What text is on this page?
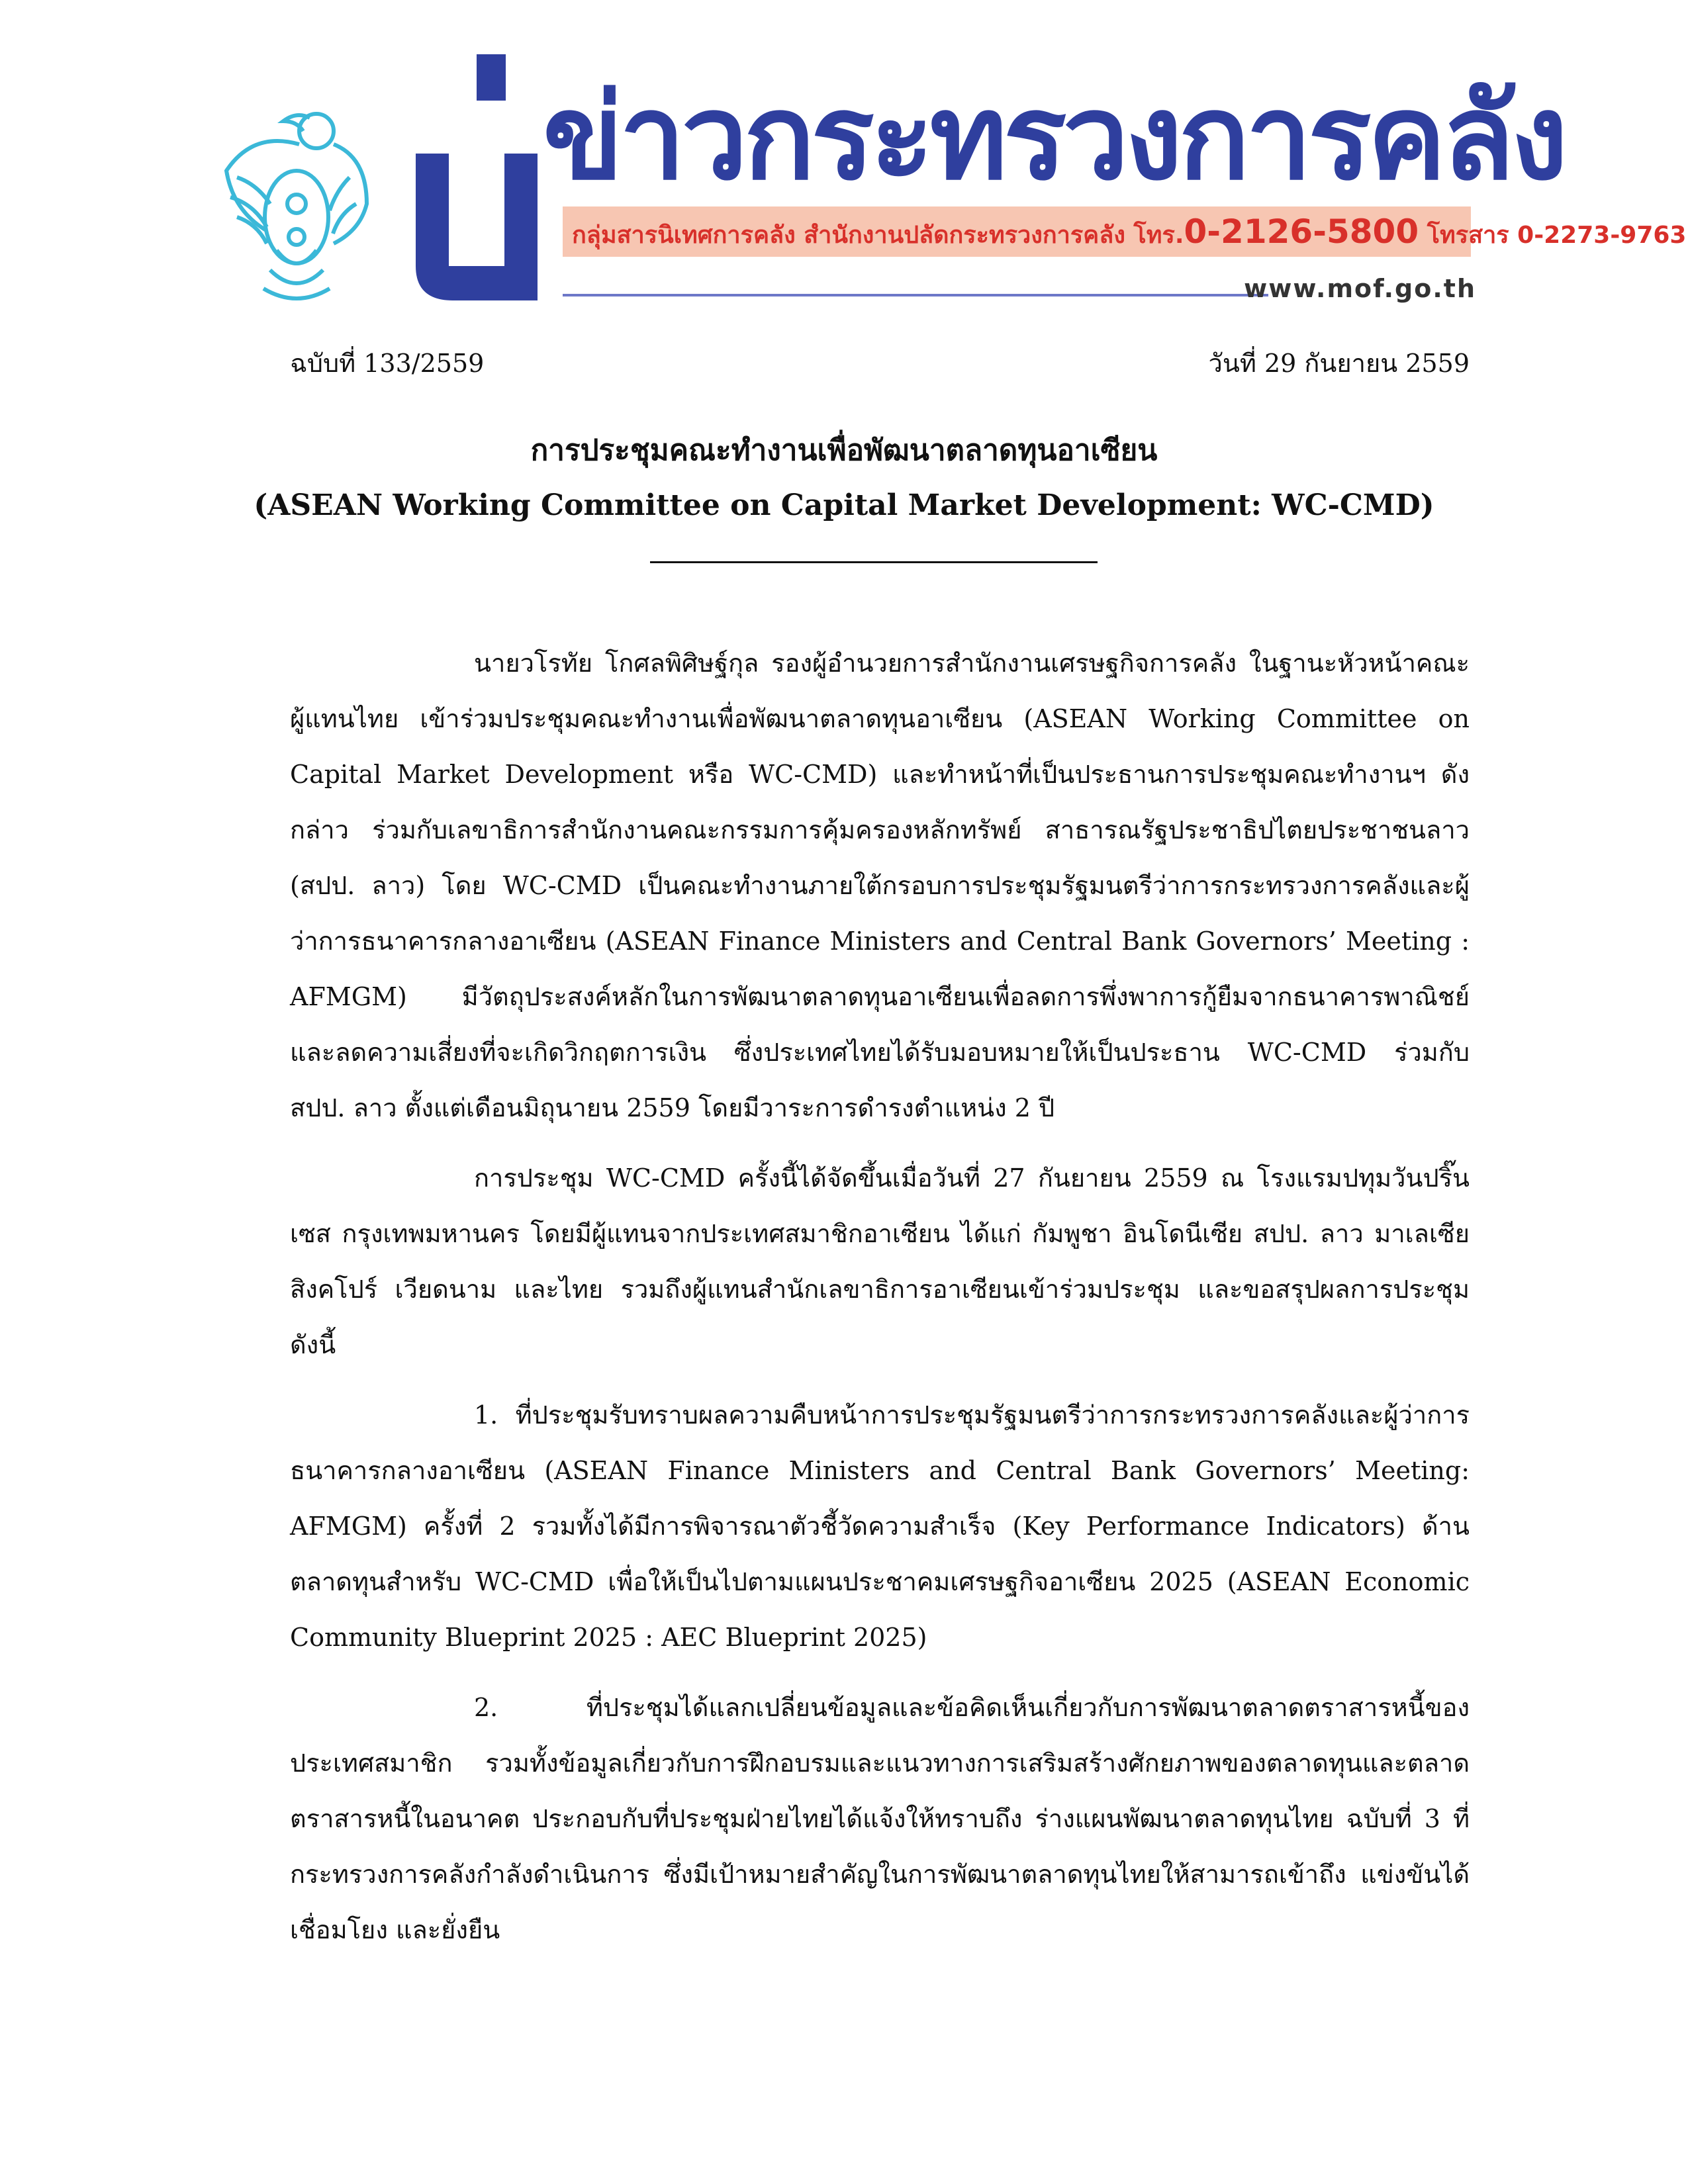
ข่าวกระทรวงการคลัง
กลุ่มสารนิเทศการคลัง สำนักงานปลัดกระทรวงการคลัง โทร.0-2126-5800 โทรสาร 0-2273-9763
www.mof.go.th
ฉบับที่ 133/2559	วันที่ 29 กันยายน 2559
การประชุมคณะทำงานเพื่อพัฒนาตลาดทุนอาเซียน
(ASEAN Working Committee on Capital Market Development: WC-CMD)

นายวโรทัย โกศลพิศิษฐ์กุล รองผู้อำนวยการสำนักงานเศรษฐกิจการคลัง ในฐานะหัวหน้าคณะผู้แทนไทย เข้าร่วมประชุมคณะทำงานเพื่อพัฒนาตลาดทุนอาเซียน (ASEAN Working Committee on Capital Market Development หรือ WC-CMD) และทำหน้าที่เป็นประธานการประชุมคณะทำงานฯ ดังกล่าว ร่วมกับเลขาธิการสำนักงานคณะกรรมการคุ้มครองหลักทรัพย์ สาธารณรัฐประชาธิปไตยประชาชนลาว (สปป. ลาว) โดย WC-CMD เป็นคณะทำงานภายใต้กรอบการประชุมรัฐมนตรีว่าการกระทรวงการคลังและผู้ว่าการธนาคารกลางอาเซียน (ASEAN Finance Ministers and Central Bank Governors’ Meeting : AFMGM) มีวัตถุประสงค์หลักในการพัฒนาตลาดทุนอาเซียนเพื่อลดการพึ่งพาการกู้ยืมจากธนาคารพาณิชย์ และลดความเสี่ยงที่จะเกิดวิกฤตการเงิน ซึ่งประเทศไทยได้รับมอบหมายให้เป็นประธาน WC-CMD ร่วมกับ สปป. ลาว ตั้งแต่เดือนมิถุนายน 2559 โดยมีวาระการดำรงตำแหน่ง 2 ปี

การประชุม WC-CMD ครั้งนี้ได้จัดขึ้นเมื่อวันที่ 27 กันยายน 2559 ณ โรงแรมปทุมวันปริ๊นเซส กรุงเทพมหานคร โดยมีผู้แทนจากประเทศสมาชิกอาเซียน ได้แก่ กัมพูชา อินโดนีเซีย สปป. ลาว มาเลเซีย สิงคโปร์ เวียดนาม และไทย รวมถึงผู้แทนสำนักเลขาธิการอาเซียนเข้าร่วมประชุม และขอสรุปผลการประชุม ดังนี้

1. ที่ประชุมรับทราบผลความคืบหน้าการประชุมรัฐมนตรีว่าการกระทรวงการคลังและผู้ว่าการธนาคารกลางอาเซียน (ASEAN Finance Ministers and Central Bank Governors’ Meeting: AFMGM) ครั้งที่ 2 รวมทั้งได้มีการพิจารณาตัวชี้วัดความสำเร็จ (Key Performance Indicators) ด้านตลาดทุนสำหรับ WC-CMD เพื่อให้เป็นไปตามแผนประชาคมเศรษฐกิจอาเซียน 2025 (ASEAN Economic Community Blueprint 2025 : AEC Blueprint 2025)

2. ที่ประชุมได้แลกเปลี่ยนข้อมูลและข้อคิดเห็นเกี่ยวกับการพัฒนาตลาดตราสารหนี้ของประเทศสมาชิก รวมทั้งข้อมูลเกี่ยวกับการฝึกอบรมและแนวทางการเสริมสร้างศักยภาพของตลาดทุนและตลาดตราสารหนี้ในอนาคต ประกอบกับที่ประชุมฝ่ายไทยได้แจ้งให้ทราบถึง ร่างแผนพัฒนาตลาดทุนไทย ฉบับที่ 3 ที่กระทรวงการคลังกำลังดำเนินการ ซึ่งมีเป้าหมายสำคัญในการพัฒนาตลาดทุนไทยให้สามารถเข้าถึง แข่งขันได้ เชื่อมโยง และยั่งยืน
